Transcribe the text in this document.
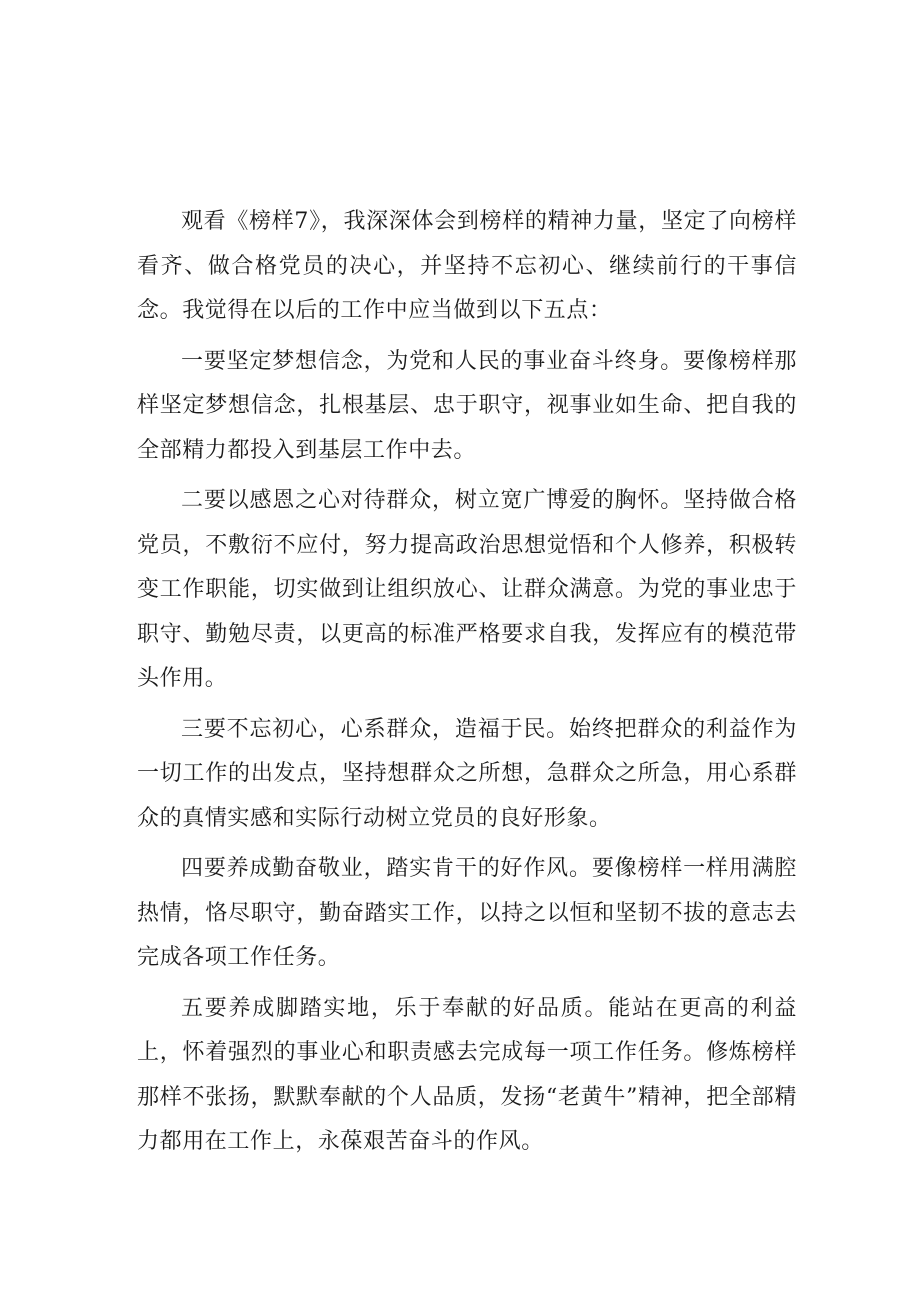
观看《榜样7》，我深深体会到榜样的精神力量，坚定了向榜样看齐、做合格党员的决心，并坚持不忘初心、继续前行的干事信念。我觉得在以后的工作中应当做到以下五点：

一要坚定梦想信念，为党和人民的事业奋斗终身。要像榜样那样坚定梦想信念，扎根基层、忠于职守，视事业如生命、把自我的全部精力都投入到基层工作中去。

二要以感恩之心对待群众，树立宽广博爱的胸怀。坚持做合格党员，不敷衍不应付，努力提高政治思想觉悟和个人修养，积极转变工作职能，切实做到让组织放心、让群众满意。为党的事业忠于职守、勤勉尽责，以更高的标准严格要求自我，发挥应有的模范带头作用。

三要不忘初心，心系群众，造福于民。始终把群众的利益作为一切工作的出发点，坚持想群众之所想，急群众之所急，用心系群众的真情实感和实际行动树立党员的良好形象。

四要养成勤奋敬业，踏实肯干的好作风。要像榜样一样用满腔热情，恪尽职守，勤奋踏实工作，以持之以恒和坚韧不拔的意志去完成各项工作任务。

五要养成脚踏实地，乐于奉献的好品质。能站在更高的利益上，怀着强烈的事业心和职责感去完成每一项工作任务。修炼榜样那样不张扬，默默奉献的个人品质，发扬“老黄牛”精神，把全部精力都用在工作上，永葆艰苦奋斗的作风。
